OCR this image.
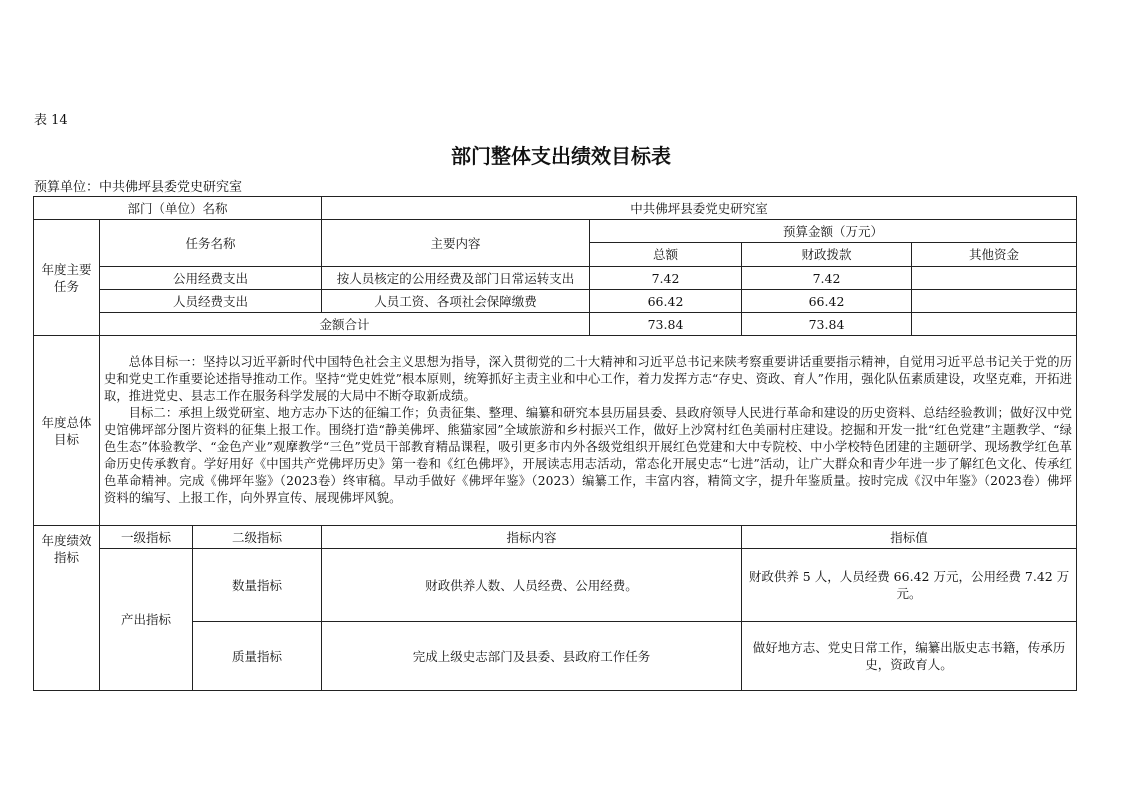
表 14
部门整体支出绩效目标表
预算单位：中共佛坪县委党史研究室
部门（单位）名称			中共佛坪县委党史研究室			
年度主要任务	任务名称		主要内容	预算金额（万元）		
				总额	财政拨款	其他资金
	公用经费支出		按人员核定的公用经费及部门日常运转支出	7.42	7.42	
	人员经费支出		人员工资、各项社会保障缴费	66.42	66.42	
	金额合计			73.84	73.84	
年度总体目标	总体目标一：坚持以习近平新时代中国特色社会主义思想为指导，深入贯彻党的二十大精神和习近平总书记来陕考察重要讲话重要指示精神，自觉用习近平总书记关于党的历史和党史工作重要论述指导推动工作。坚持“党史姓党”根本原则，统筹抓好主责主业和中心工作，着力发挥方志“存史、资政、育人”作用，强化队伍素质建设，攻坚克难，开拓进取，推进党史、县志工作在服务科学发展的大局中不断夺取新成绩。

目标二：承担上级党研室、地方志办下达的征编工作；负责征集、整理、编纂和研究本县历届县委、县政府领导人民进行革命和建设的历史资料、总结经验教训；做好汉中党史馆佛坪部分图片资料的征集上报工作。围绕打造“静美佛坪、熊猫家园”全域旅游和乡村振兴工作，做好上沙窝村红色美丽村庄建设。挖掘和开发一批“红色党建”主题教学、“绿色生态”体验教学、“金色产业”观摩教学“三色”党员干部教育精品课程，吸引更多市内外各级党组织开展红色党建和大中专院校、中小学校特色团建的主题研学、现场教学红色革命历史传承教育。学好用好《中国共产党佛坪历史》第一卷和《红色佛坪》，开展读志用志活动，常态化开展史志“七进”活动，让广大群众和青少年进一步了解红色文化、传承红色革命精神。完成《佛坪年鉴》（2023卷）终审稿。早动手做好《佛坪年鉴》（2023）编纂工作，丰富内容，精简文字，提升年鉴质量。按时完成《汉中年鉴》（2023卷）佛坪资料的编写、上报工作，向外界宣传、展现佛坪风貌。					

年度绩效指标	一级指标	二级指标	指标内容		指标值	
	产出指标	数量指标	财政供养人数、人员经费、公用经费。		财政供养 5 人，人员经费 66.42 万元，公用经费 7.42 万元。	
		质量指标	完成上级史志部门及县委、县政府工作任务		做好地方志、党史日常工作，编纂出版史志书籍，传承历史，资政育人。	
